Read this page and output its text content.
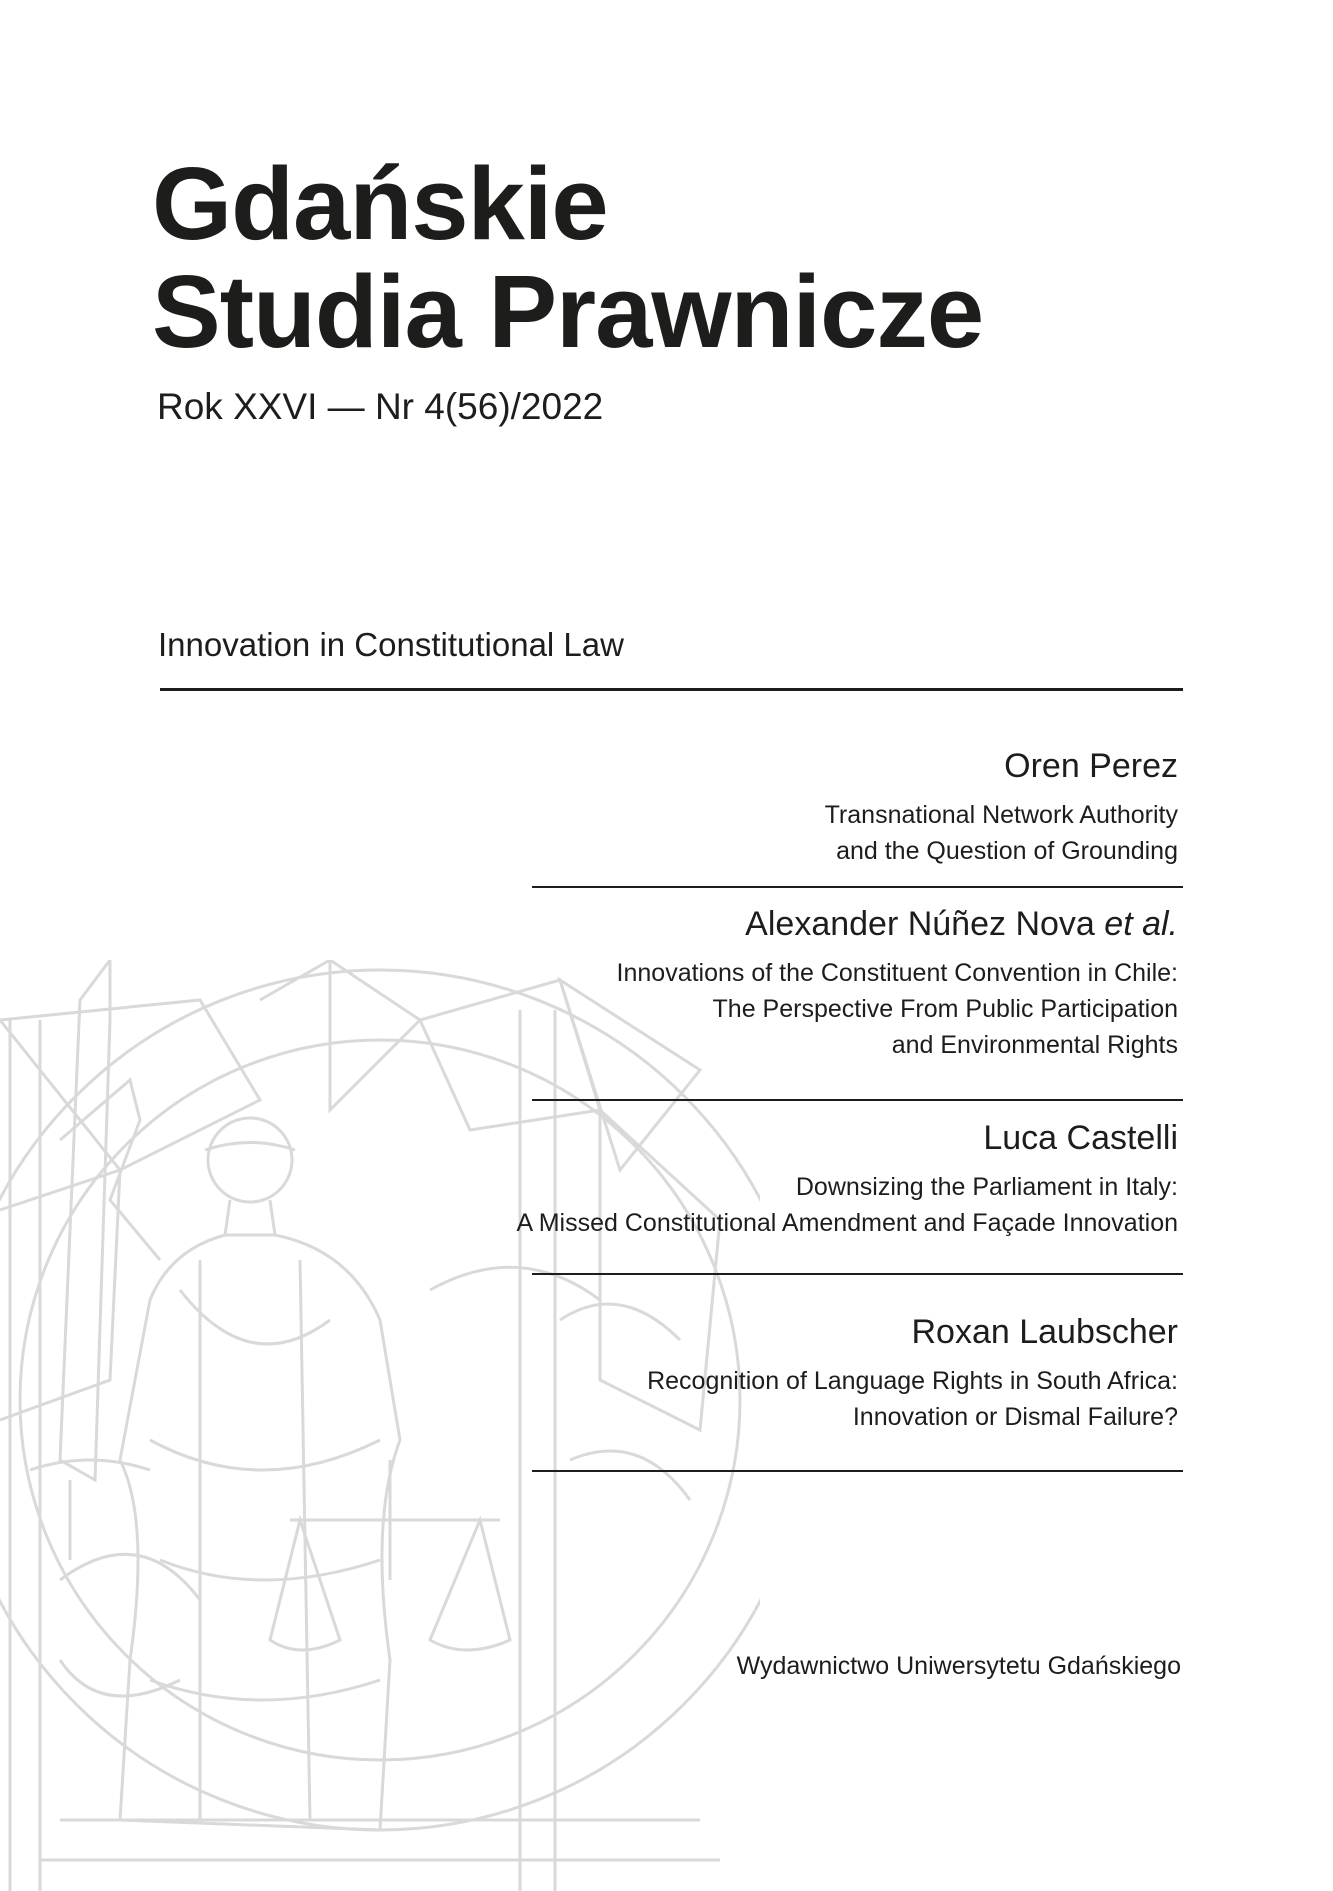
Gdańskie
Studia Prawnicze
Rok XXVI — Nr 4(56)/2022
Innovation in Constitutional Law
Oren Perez
Transnational Network Authority
and the Question of Grounding
Alexander Núñez Nova et al.
Innovations of the Constituent Convention in Chile:
The Perspective From Public Participation
and Environmental Rights
Luca Castelli
Downsizing the Parliament in Italy:
A Missed Constitutional Amendment and Façade Innovation
Roxan Laubscher
Recognition of Language Rights in South Africa:
Innovation or Dismal Failure?
Wydawnictwo Uniwersytetu Gdańskiego
